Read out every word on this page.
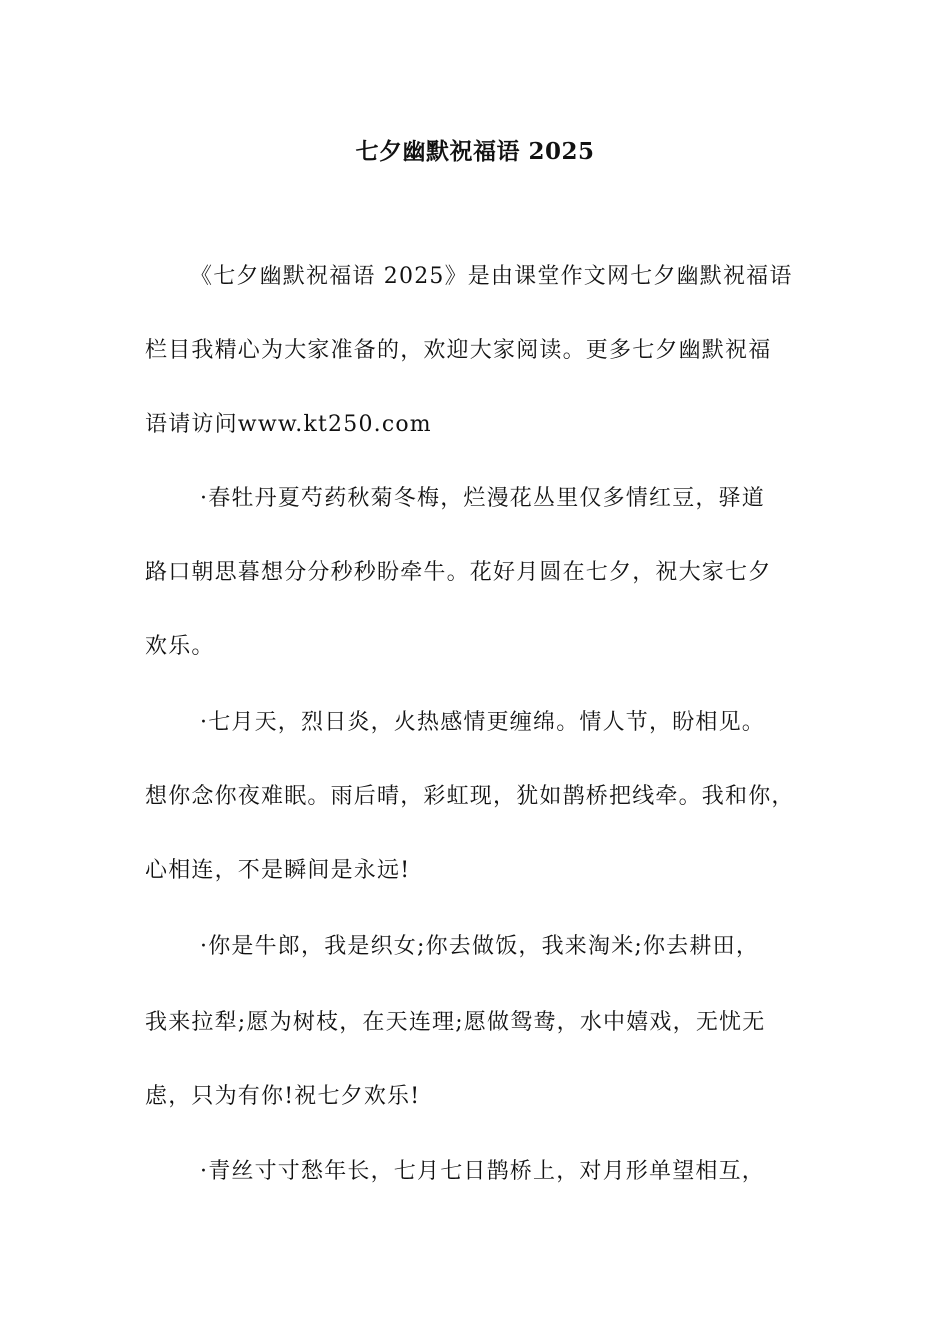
七夕幽默祝福语 2025
《七夕幽默祝福语 2025》是由课堂作文网七夕幽默祝福语
栏目我精心为大家准备的，欢迎大家阅读。更多七夕幽默祝福
语请访问www.kt250.com
·春牡丹夏芍药秋菊冬梅，烂漫花丛里仅多情红豆，驿道
路口朝思暮想分分秒秒盼牵牛。花好月圆在七夕，祝大家七夕
欢乐。
·七月天，烈日炎，火热感情更缠绵。情人节，盼相见。
想你念你夜难眠。雨后晴，彩虹现，犹如鹊桥把线牵。我和你，
心相连，不是瞬间是永远!
·你是牛郎，我是织女;你去做饭，我来淘米;你去耕田，
我来拉犁;愿为树枝，在天连理;愿做鸳鸯，水中嬉戏，无忧无
虑，只为有你!祝七夕欢乐!
·青丝寸寸愁年长，七月七日鹊桥上，对月形单望相互，
